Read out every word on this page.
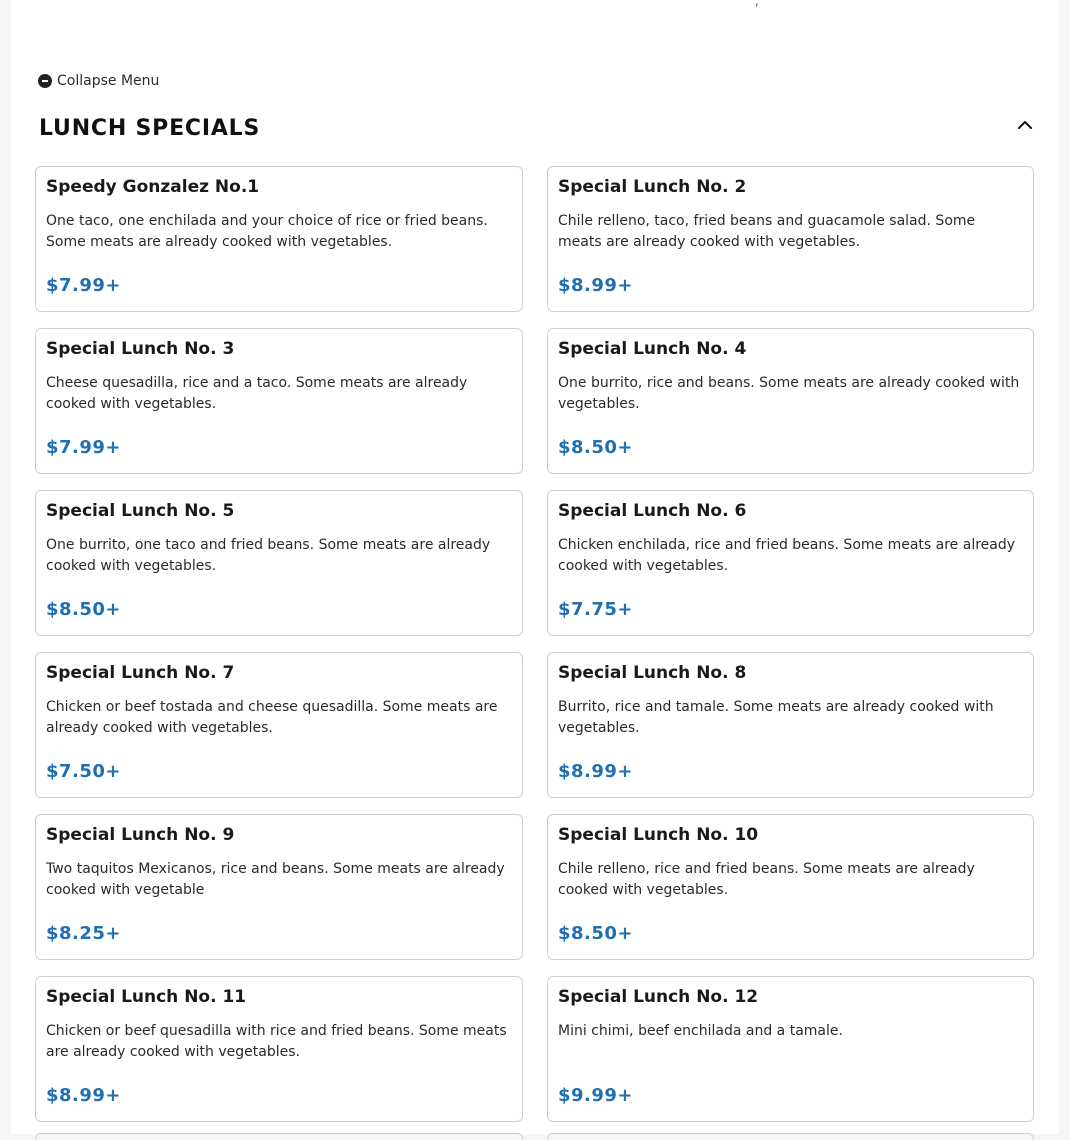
,
Collapse Menu
LUNCH SPECIALS
Speedy Gonzalez No.1
One taco, one enchilada and your choice of rice or fried beans. Some meats are already cooked with vegetables.
$7.99+
Special Lunch No. 2
Chile relleno, taco, fried beans and guacamole salad. Some meats are already cooked with vegetables.
$8.99+
Special Lunch No. 3
Cheese quesadilla, rice and a taco. Some meats are already cooked with vegetables.
$7.99+
Special Lunch No. 4
One burrito, rice and beans. Some meats are already cooked with vegetables.
$8.50+
Special Lunch No. 5
One burrito, one taco and fried beans. Some meats are already cooked with vegetables.
$8.50+
Special Lunch No. 6
Chicken enchilada, rice and fried beans. Some meats are already cooked with vegetables.
$7.75+
Special Lunch No. 7
Chicken or beef tostada and cheese quesadilla. Some meats are already cooked with vegetables.
$7.50+
Special Lunch No. 8
Burrito, rice and tamale. Some meats are already cooked with vegetables.
$8.99+
Special Lunch No. 9
Two taquitos Mexicanos, rice and beans. Some meats are already cooked with vegetable
$8.25+
Special Lunch No. 10
Chile relleno, rice and fried beans. Some meats are already cooked with vegetables.
$8.50+
Special Lunch No. 11
Chicken or beef quesadilla with rice and fried beans. Some meats are already cooked with vegetables.
$8.99+
Special Lunch No. 12
Mini chimi, beef enchilada and a tamale.
$9.99+
